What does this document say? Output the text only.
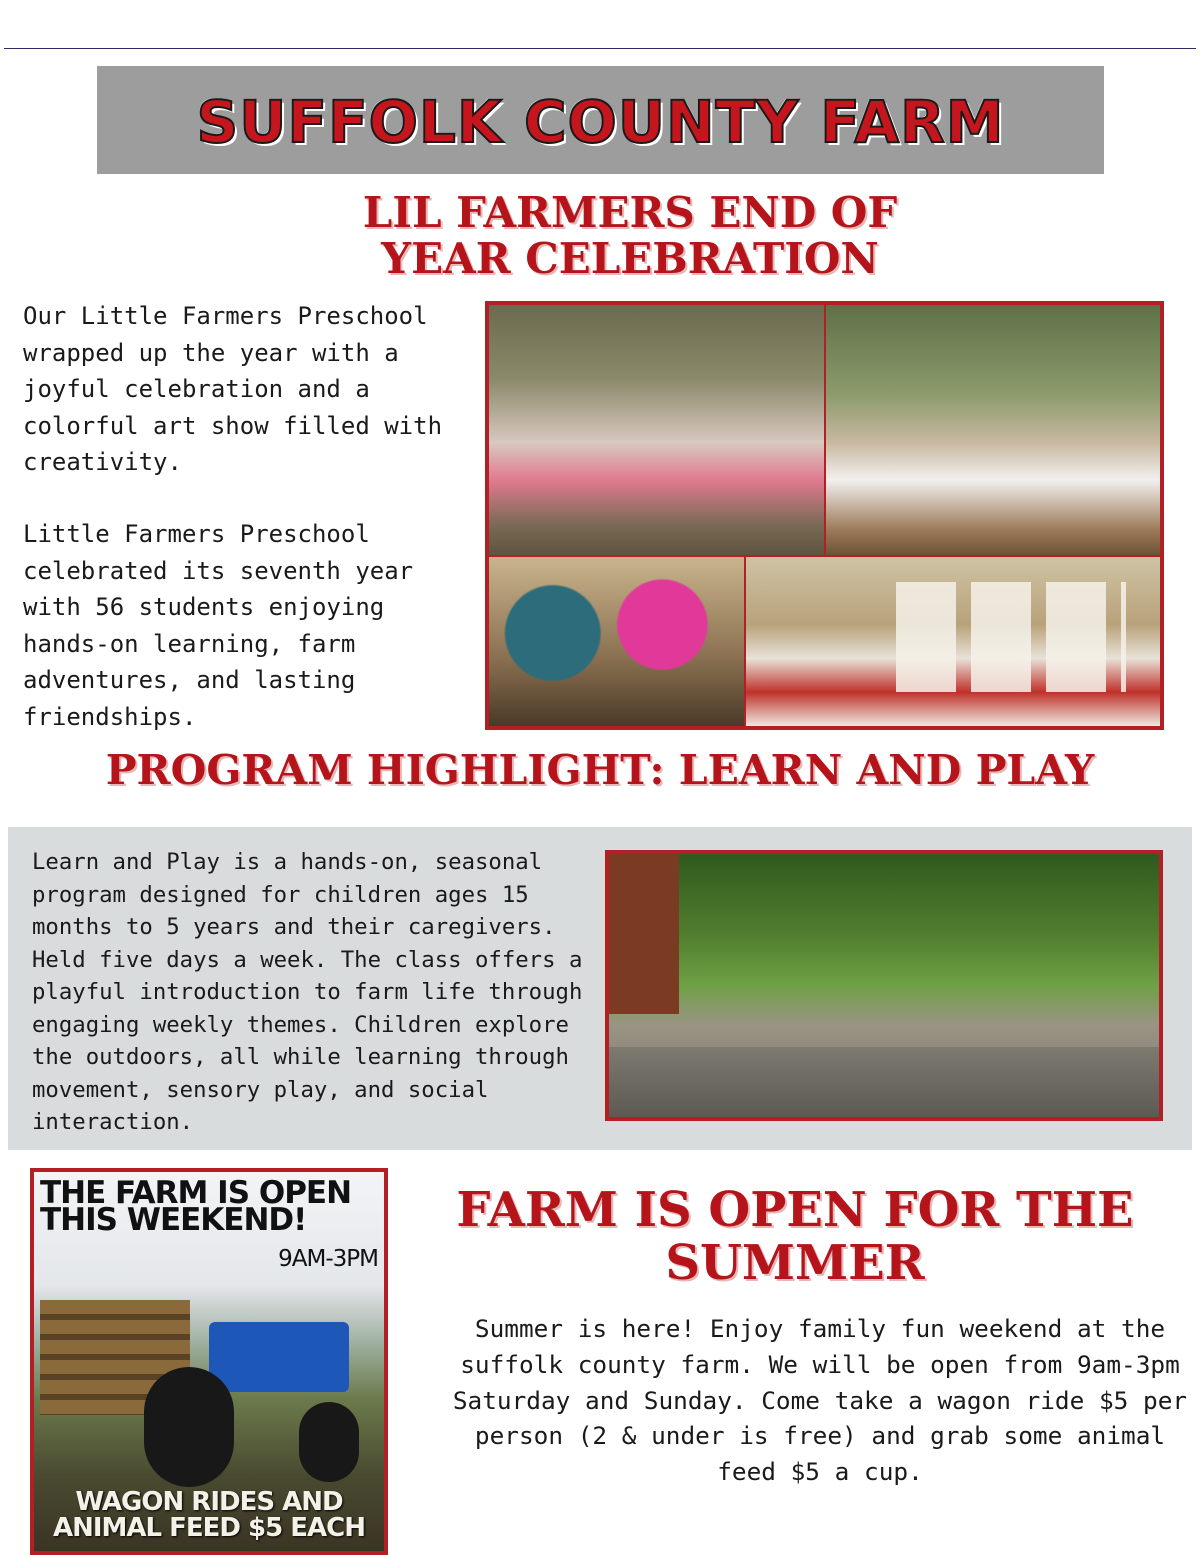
SUFFOLK COUNTY FARM
LIL FARMERS END OF
YEAR CELEBRATION

Our Little Farmers Preschool wrapped up the year with a joyful celebration and a colorful art show filled with creativity.

Little Farmers Preschool celebrated its seventh year with 56 students enjoying hands-on learning, farm adventures, and lasting friendships.

PROGRAM HIGHLIGHT: LEARN AND PLAY

Learn and Play is a hands-on, seasonal program designed for children ages 15 months to 5 years and their caregivers. Held five days a week. The class offers a playful introduction to farm life through engaging weekly themes. Children explore the outdoors, all while learning through movement, sensory play, and social interaction.

THE FARM IS OPEN
THIS WEEKEND!
9AM-3PM
WAGON RIDES AND
ANIMAL FEED $5 EACH
FARM IS OPEN FOR THE
SUMMER

Summer is here! Enjoy family fun weekend at the suffolk county farm. We will be open from 9am-3pm Saturday and Sunday. Come take a wagon ride $5 per person (2 & under is free) and grab some animal feed $5 a cup.
